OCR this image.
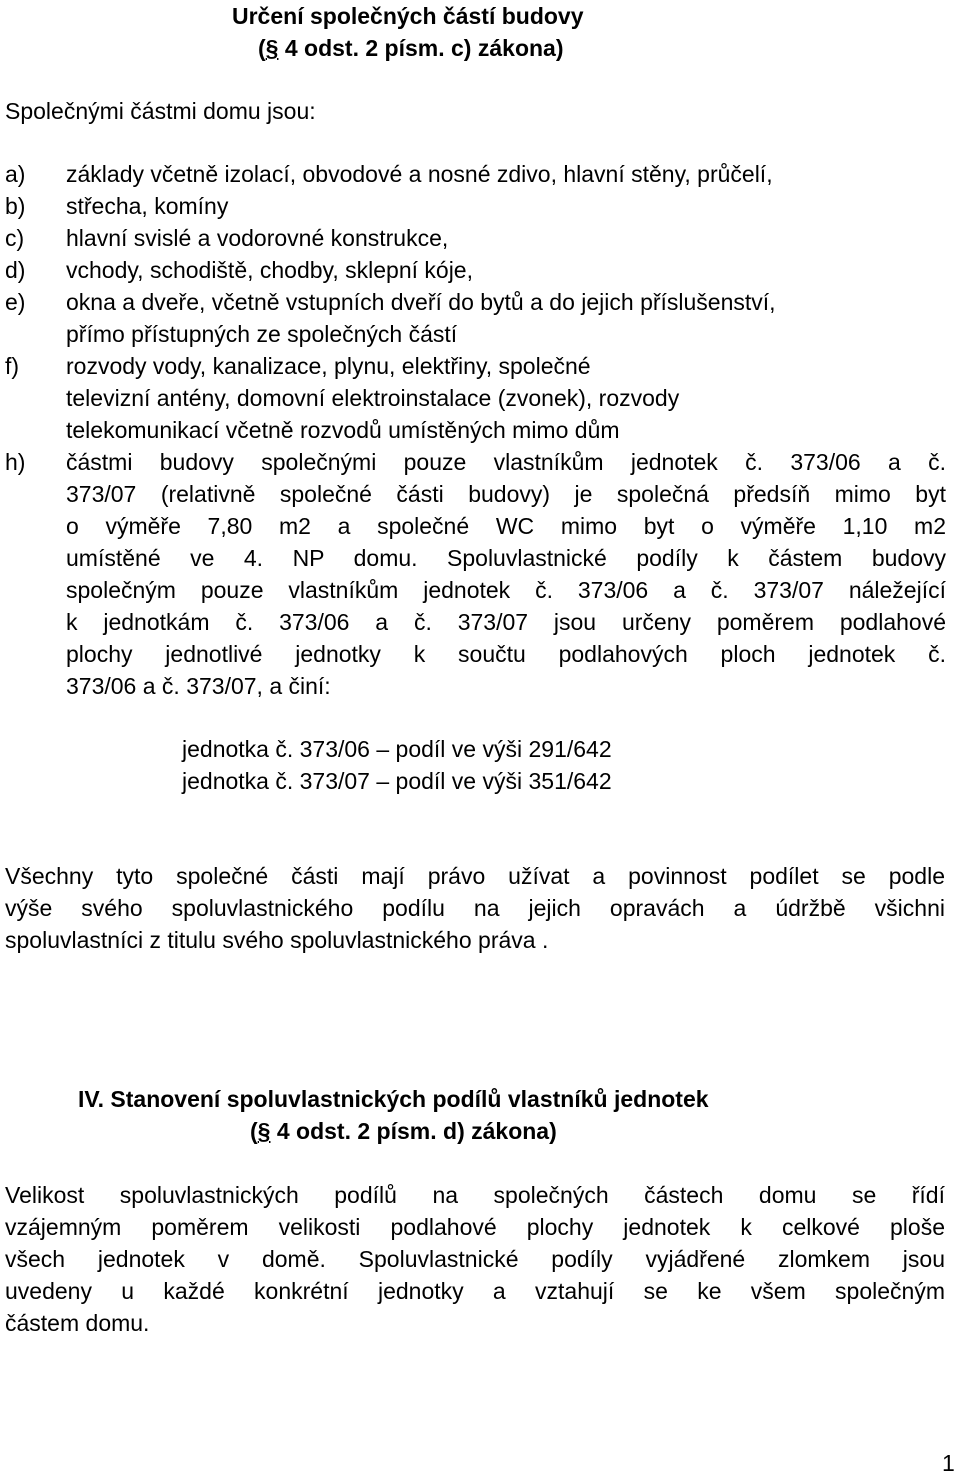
Určení společných částí budovy
(§ 4 odst. 2 písm. c) zákona)
Společnými částmi domu jsou:
a) základy včetně izolací, obvodové a nosné zdivo, hlavní stěny, průčelí,
b) střecha, komíny
c) hlavní svislé a vodorovné konstrukce,
d) vchody, schodiště, chodby, sklepní kóje,
e) okna a dveře, včetně vstupních dveří do bytů a do jejich příslušenství,
přímo přístupných ze společných částí
f) rozvody vody, kanalizace, plynu, elektřiny, společné
televizní antény, domovní elektroinstalace (zvonek), rozvody
telekomunikací včetně rozvodů umístěných mimo dům
h) částmi budovy společnými pouze vlastníkům jednotek č. 373/06 a č.
373/07 (relativně společné části budovy) je společná předsíň mimo byt
o výměře 7,80 m2 a společné WC mimo byt o výměře 1,10 m2
umístěné ve 4. NP domu. Spoluvlastnické podíly k částem budovy
společným pouze vlastníkům jednotek č. 373/06 a č. 373/07 náležející
k jednotkám č. 373/06 a č. 373/07 jsou určeny poměrem podlahové
plochy jednotlivé jednotky k součtu podlahových ploch jednotek č.
373/06 a č. 373/07, a činí:
jednotka č. 373/06 – podíl ve výši 291/642
jednotka č. 373/07 – podíl ve výši 351/642
Všechny tyto společné části mají právo užívat a povinnost podílet se podle
výše svého spoluvlastnického podílu na jejich opravách a údržbě všichni
spoluvlastníci z titulu svého spoluvlastnického práva .
IV. Stanovení spoluvlastnických podílů vlastníků jednotek
(§ 4 odst. 2 písm. d) zákona)
Velikost spoluvlastnických podílů na společných částech domu se řídí
vzájemným poměrem velikosti podlahové plochy jednotek k celkové ploše
všech jednotek v domě. Spoluvlastnické podíly vyjádřené zlomkem jsou
uvedeny u každé konkrétní jednotky a vztahují se ke všem společným
částem domu.
1
